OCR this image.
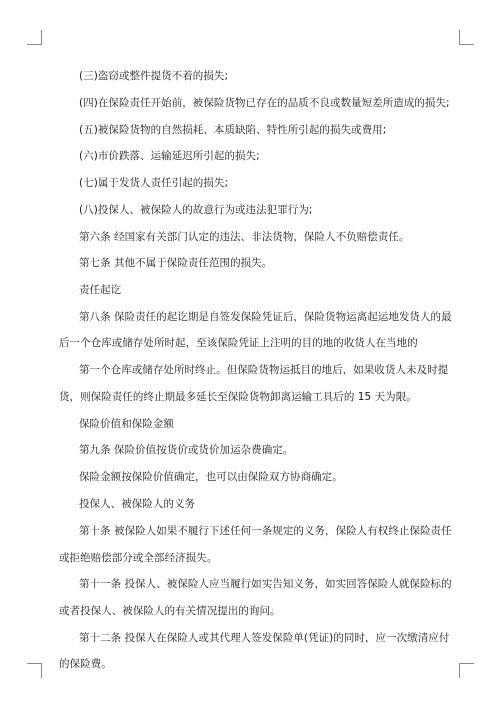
(三)盗窃或整件提货不着的损失;
(四)在保险责任开始前，被保险货物已存在的品质不良或数量短差所造成的损失;
(五)被保险货物的自然损耗、本质缺陷、特性所引起的损失或费用;
(六)市价跌落、运输延迟所引起的损失;
(七)属于发货人责任引起的损失;
(八)投保人、被保险人的故意行为或违法犯罪行为;
第六条 经国家有关部门认定的违法、非法货物，保险人不负赔偿责任。
第七条 其他不属于保险责任范围的损失。
责任起讫
第八条 保险责任的起讫期是自签发保险凭证后，保险货物运离起运地发货人的最
后一个仓库或储存处所时起，至该保险凭证上注明的目的地的收货人在当地的
第一个仓库或储存处所时终止。但保险货物运抵目的地后，如果收货人未及时提
货，则保险责任的终止期最多延长至保险货物卸离运输工具后的 15 天为限。
保险价值和保险金额
第九条 保险价值按货价或货价加运杂费确定。
保险金额按保险价值确定，也可以由保险双方协商确定。
投保人、被保险人的义务
第十条 被保险人如果不履行下述任何一条规定的义务，保险人有权终止保险责任
或拒绝赔偿部分或全部经济损失。
第十一条 投保人、被保险人应当履行如实告知义务，如实回答保险人就保险标的
或者投保人、被保险人的有关情况提出的询问。
第十二条 投保人在保险人或其代理人签发保险单(凭证)的同时，应一次缴清应付
的保险费。
